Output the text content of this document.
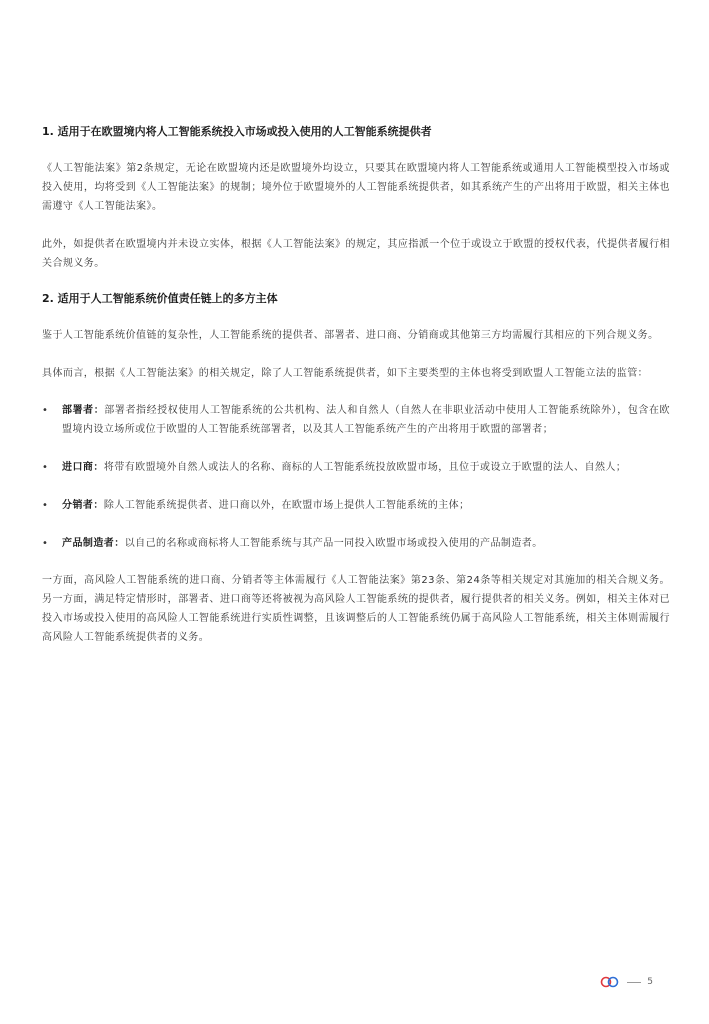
1. 适用于在欧盟境内将人工智能系统投入市场或投入使用的人工智能系统提供者

《人工智能法案》第2条规定，无论在欧盟境内还是欧盟境外均设立，只要其在欧盟境内将人工智能系统或通用人工智能模型投入市场或投入使用，均将受到《人工智能法案》的规制；境外位于欧盟境外的人工智能系统提供者，如其系统产生的产出将用于欧盟，相关主体也需遵守《人工智能法案》。

此外，如提供者在欧盟境内并未设立实体，根据《人工智能法案》的规定，其应指派一个位于或设立于欧盟的授权代表，代提供者履行相关合规义务。

2. 适用于人工智能系统价值责任链上的多方主体

鉴于人工智能系统价值链的复杂性，人工智能系统的提供者、部署者、进口商、分销商或其他第三方均需履行其相应的下列合规义务。

具体而言，根据《人工智能法案》的相关规定，除了人工智能系统提供者，如下主要类型的主体也将受到欧盟人工智能立法的监管：

• 部署者：部署者指经授权使用人工智能系统的公共机构、法人和自然人（自然人在非职业活动中使用人工智能系统除外），包含在欧盟境内设立场所或位于欧盟的人工智能系统部署者，以及其人工智能系统产生的产出将用于欧盟的部署者；
• 进口商：将带有欧盟境外自然人或法人的名称、商标的人工智能系统投放欧盟市场，且位于或设立于欧盟的法人、自然人；
• 分销者：除人工智能系统提供者、进口商以外，在欧盟市场上提供人工智能系统的主体；
• 产品制造者：以自己的名称或商标将人工智能系统与其产品一同投入欧盟市场或投入使用的产品制造者。

一方面，高风险人工智能系统的进口商、分销者等主体需履行《人工智能法案》第23条、第24条等相关规定对其施加的相关合规义务。另一方面，满足特定情形时，部署者、进口商等还将被视为高风险人工智能系统的提供者，履行提供者的相关义务。例如，相关主体对已投入市场或投入使用的高风险人工智能系统进行实质性调整，且该调整后的人工智能系统仍属于高风险人工智能系统，相关主体则需履行高风险人工智能系统提供者的义务。

5
